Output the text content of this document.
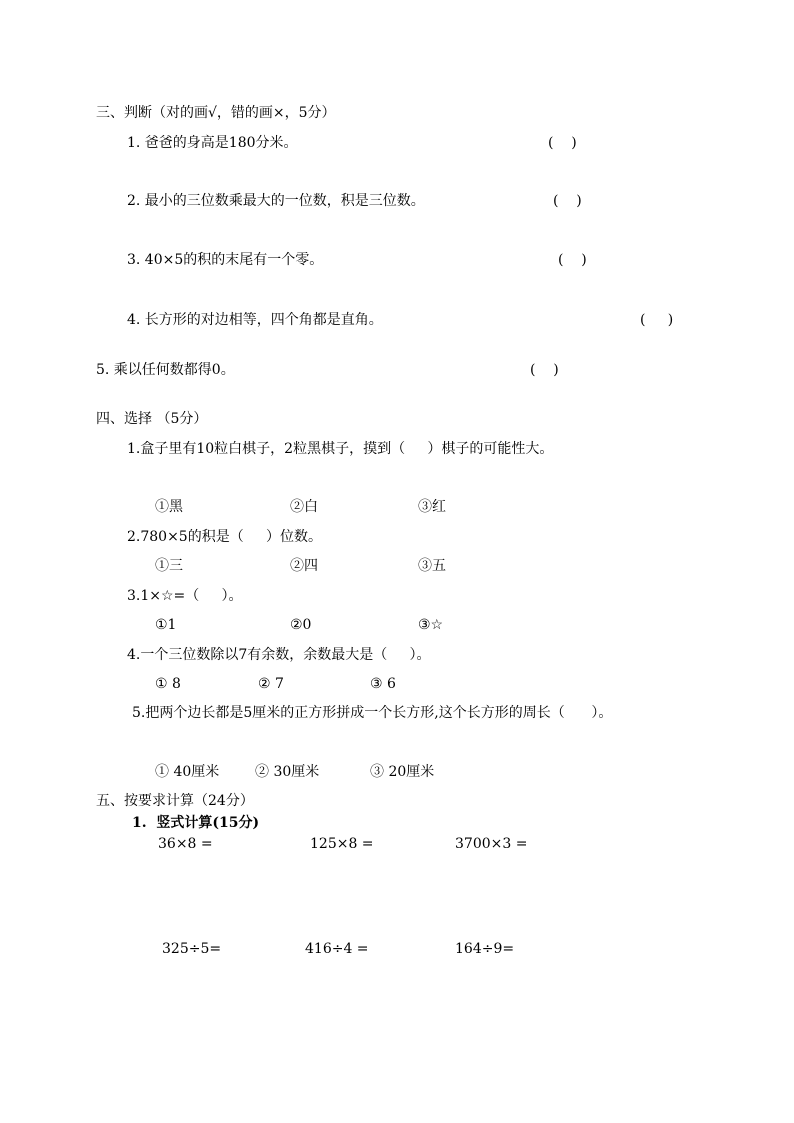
三、判断（对的画√，错的画×，5分）
1. 爸爸的身高是180分米。	(    )
2. 最小的三位数乘最大的一位数，积是三位数。	(    )
3. 40×5的积的末尾有一个零。	(    )
4. 长方形的对边相等，四个角都是直角。	(     )
5. 乘以任何数都得0。	(    )
四、选择 （5分）
1.盒子里有10粒白棋子，2粒黑棋子，摸到（     ）棋子的可能性大。
①黑	②白	③红
2.780×5的积是（     ）位数。
①三	②四	③五
3.1×☆=（     ）。
①1	②0	③☆
4.一个三位数除以7有余数，余数最大是（     ）。
① 8	② 7	③ 6
5.把两个边长都是5厘米的正方形拼成一个长方形,这个长方形的周长（      ）。
① 40厘米	② 30厘米	③ 20厘米
五、按要求计算（24分）
1.  竖式计算(15分)
36×8 =	125×8 =	3700×3 =
325÷5=	416÷4 =	164÷9=
